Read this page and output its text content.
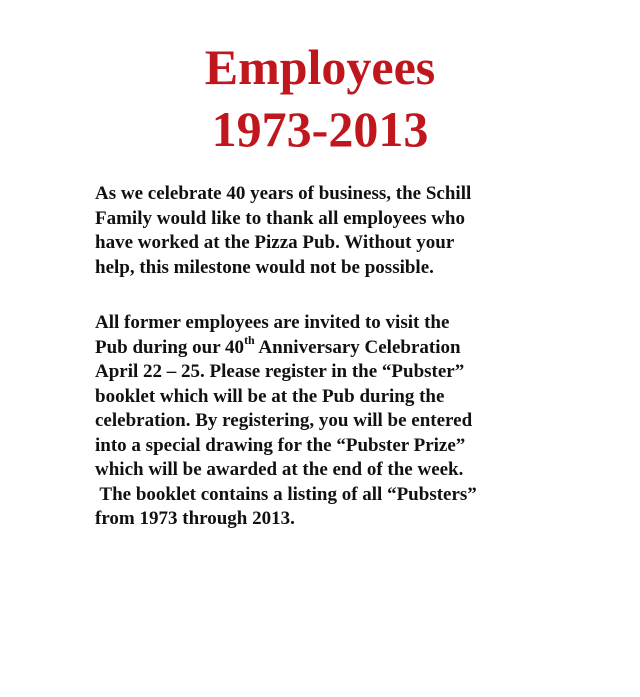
Employees
1973-2013

As we celebrate 40 years of business, the Schill
Family would like to thank all employees who
have worked at the Pizza Pub. Without your
help, this milestone would not be possible.

All former employees are invited to visit the
Pub during our 40th Anniversary Celebration
April 22 – 25. Please register in the “Pubster”
booklet which will be at the Pub during the
celebration. By registering, you will be entered
into a special drawing for the “Pubster Prize”
which will be awarded at the end of the week.
The booklet contains a listing of all “Pubsters”
from 1973 through 2013.
